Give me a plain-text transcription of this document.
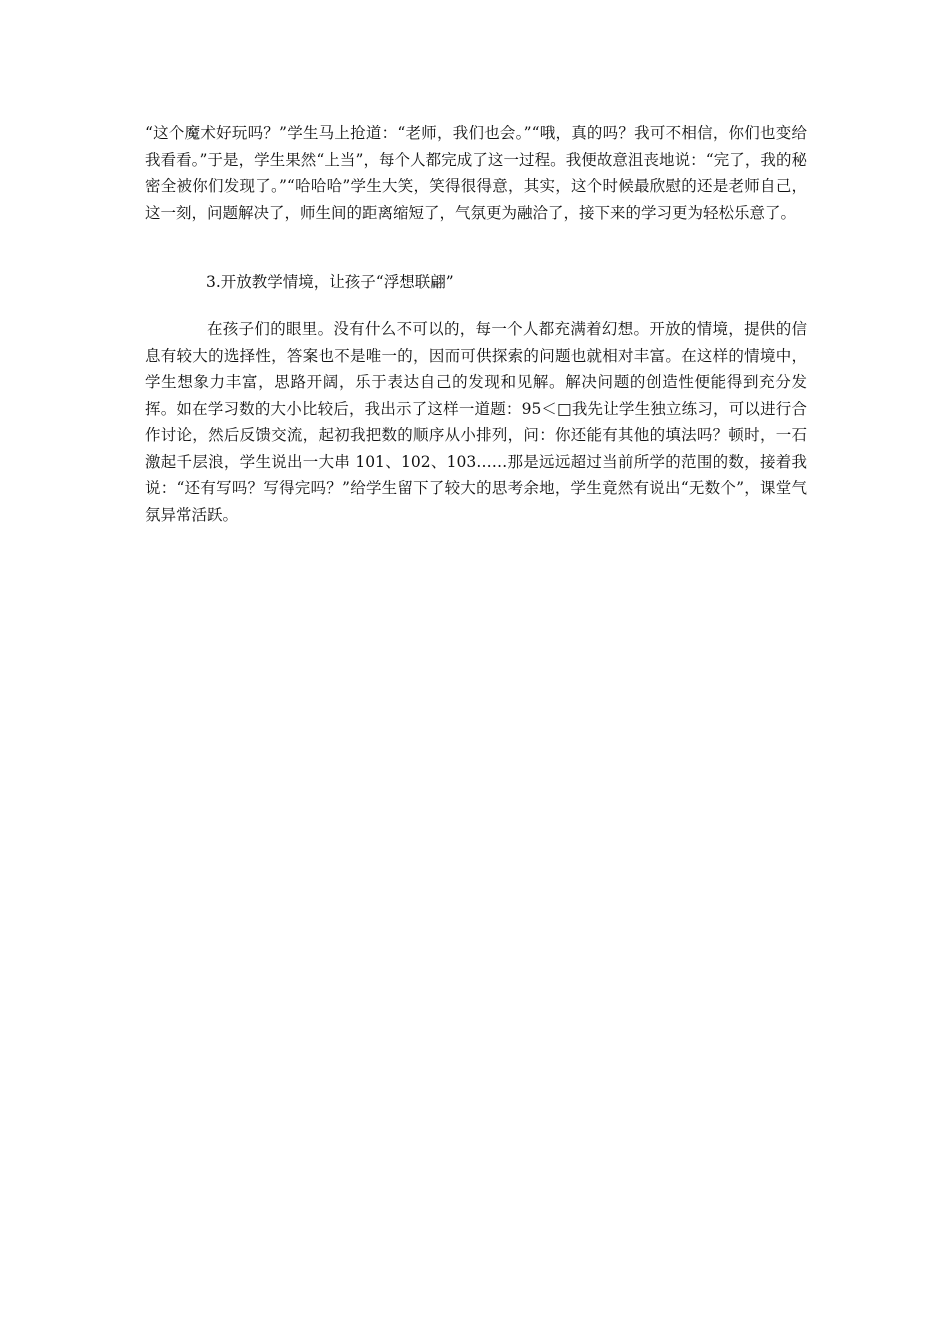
“这个魔术好玩吗？”学生马上抢道：“老师，我们也会。”“哦，真的吗？我可不相信，你们也变给我看看。”于是，学生果然“上当”，每个人都完成了这一过程。我便故意沮丧地说：“完了，我的秘密全被你们发现了。”“哈哈哈”学生大笑，笑得很得意，其实，这个时候最欣慰的还是老师自己，这一刻，问题解决了，师生间的距离缩短了，气氛更为融洽了，接下来的学习更为轻松乐意了。

3.开放教学情境，让孩子“浮想联翩”

在孩子们的眼里。没有什么不可以的，每一个人都充满着幻想。开放的情境，提供的信息有较大的选择性，答案也不是唯一的，因而可供探索的问题也就相对丰富。在这样的情境中，学生想象力丰富，思路开阔，乐于表达自己的发现和见解。解决问题的创造性便能得到充分发挥。如在学习数的大小比较后，我出示了这样一道题：95＜□我先让学生独立练习，可以进行合作讨论，然后反馈交流，起初我把数的顺序从小排列，问：你还能有其他的填法吗？顿时，一石激起千层浪，学生说出一大串 101、102、103……那是远远超过当前所学的范围的数，接着我说：“还有写吗？写得完吗？”给学生留下了较大的思考余地，学生竟然有说出“无数个”，课堂气氛异常活跃。
